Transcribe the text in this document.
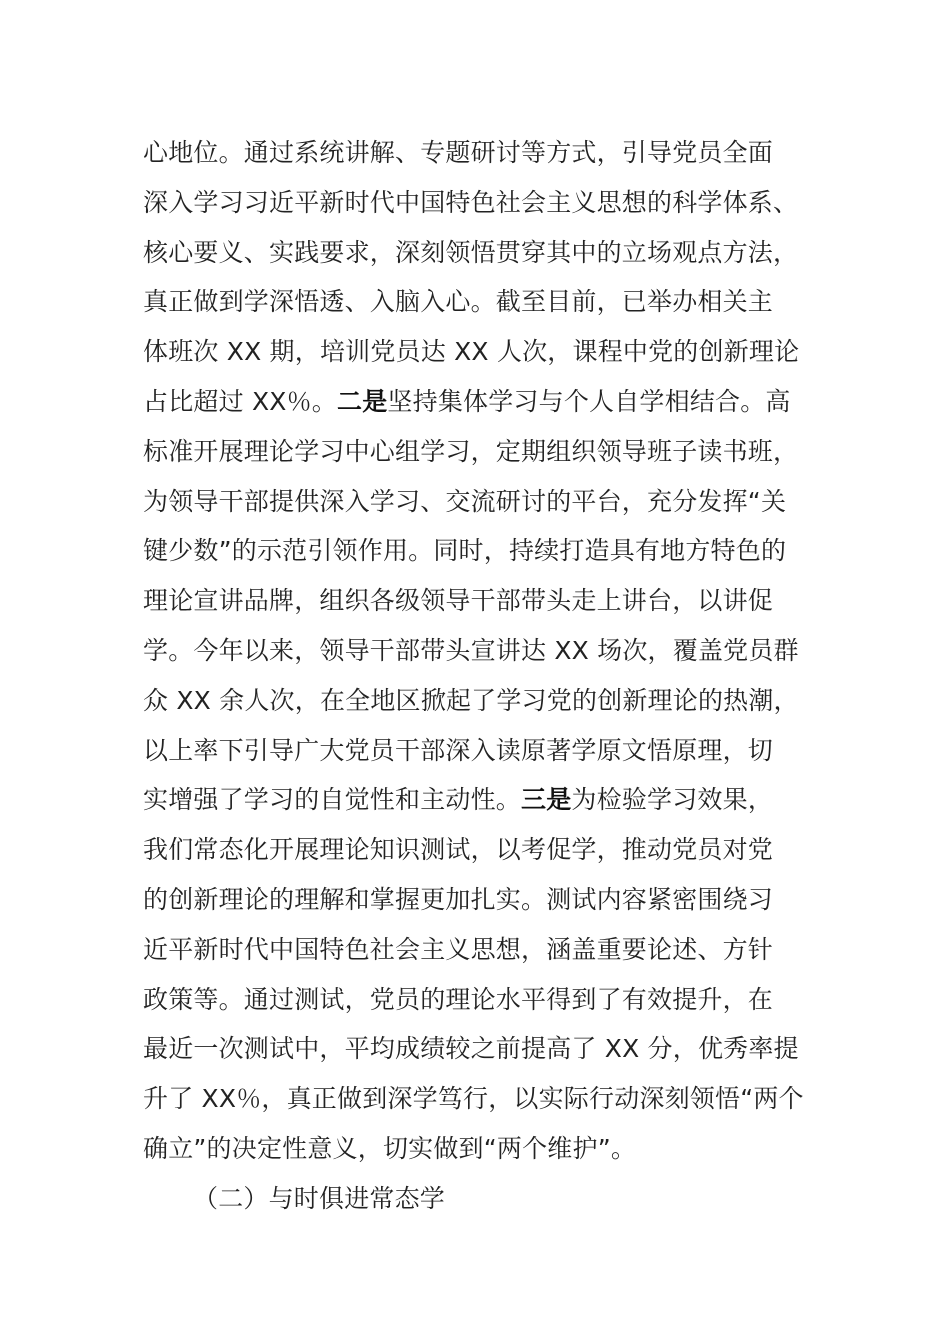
心地位。通过系统讲解、专题研讨等方式，引导党员全面
深入学习习近平新时代中国特色社会主义思想的科学体系、
核心要义、实践要求，深刻领悟贯穿其中的立场观点方法，
真正做到学深悟透、入脑入心。截至目前，已举办相关主
体班次 XX 期，培训党员达 XX 人次，课程中党的创新理论
占比超过 XX％。二是坚持集体学习与个人自学相结合。高
标准开展理论学习中心组学习，定期组织领导班子读书班，
为领导干部提供深入学习、交流研讨的平台，充分发挥“关
键少数”的示范引领作用。同时，持续打造具有地方特色的
理论宣讲品牌，组织各级领导干部带头走上讲台，以讲促
学。今年以来，领导干部带头宣讲达 XX 场次，覆盖党员群
众 XX 余人次，在全地区掀起了学习党的创新理论的热潮，
以上率下引导广大党员干部深入读原著学原文悟原理，切
实增强了学习的自觉性和主动性。三是为检验学习效果，
我们常态化开展理论知识测试，以考促学，推动党员对党
的创新理论的理解和掌握更加扎实。测试内容紧密围绕习
近平新时代中国特色社会主义思想，涵盖重要论述、方针
政策等。通过测试，党员的理论水平得到了有效提升，在
最近一次测试中，平均成绩较之前提高了 XX 分，优秀率提
升了 XX％，真正做到深学笃行，以实际行动深刻领悟“两个
确立”的决定性意义，切实做到“两个维护”。
（二）与时俱进常态学
